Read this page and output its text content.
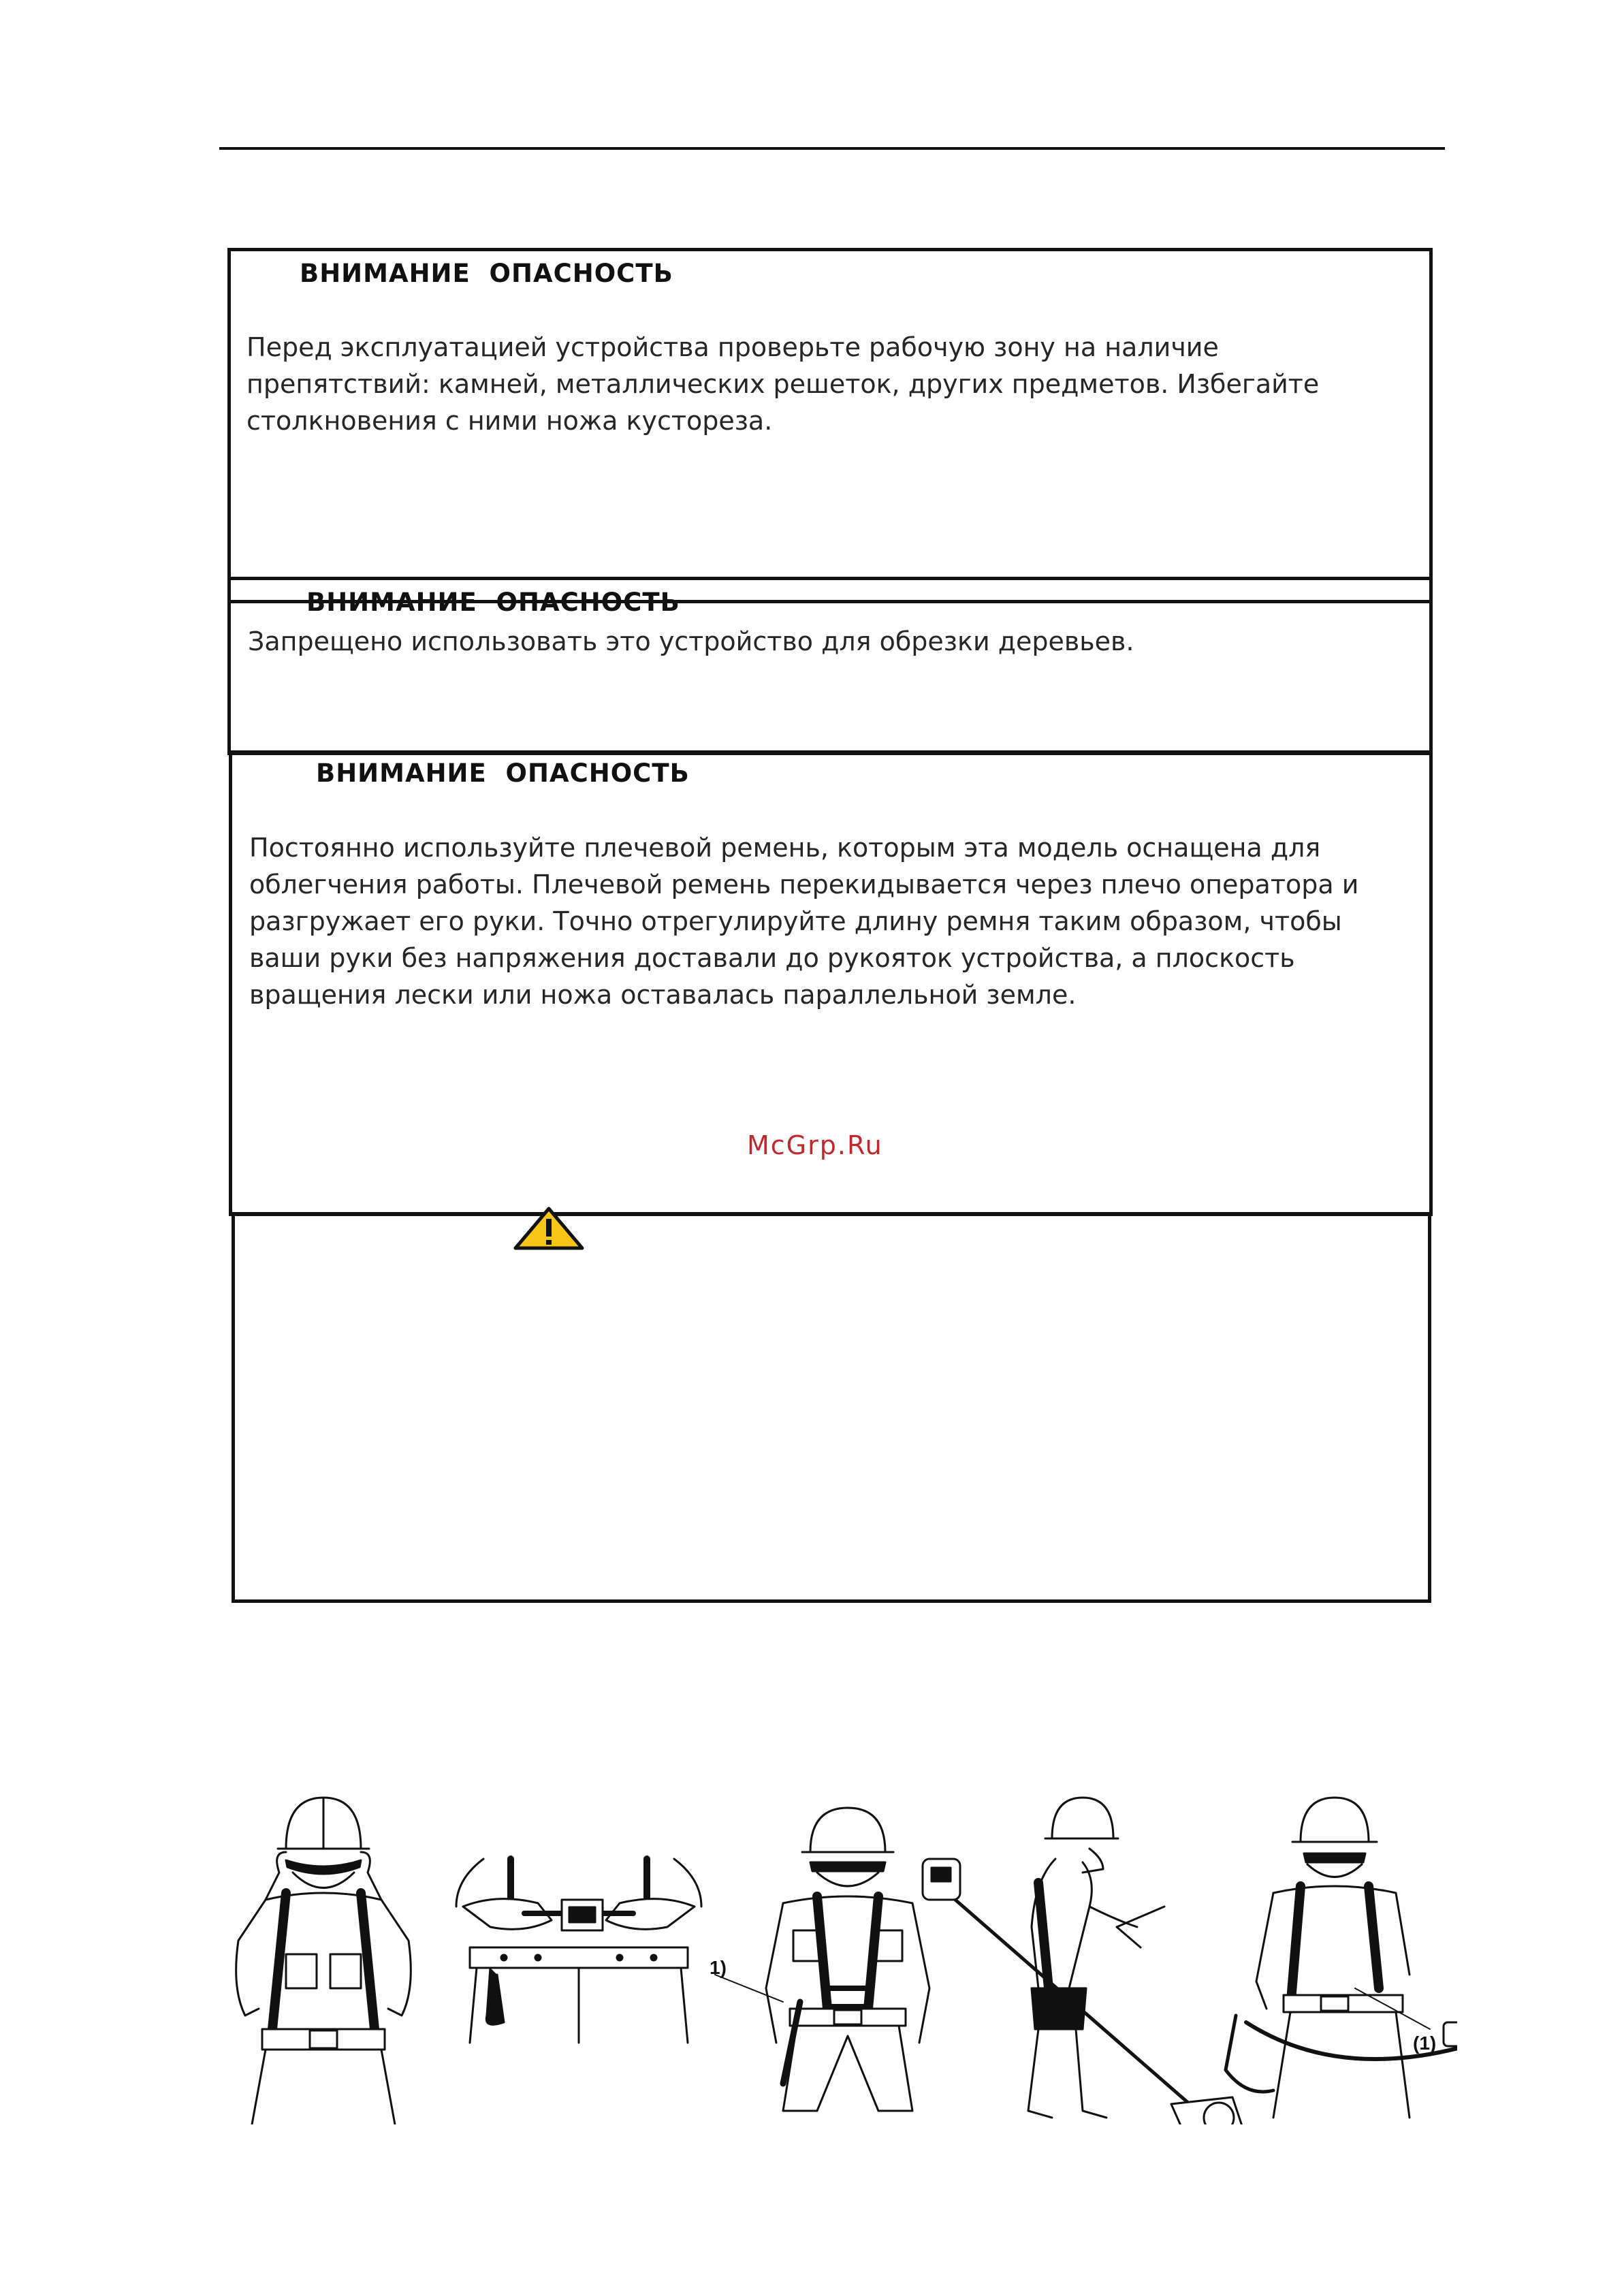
ВНИМАНИЕ  ОПАСНОСТЬ
Перед эксплуатацией устройства проверьте рабочую зону на наличие
препятствий: камней, металлических решеток, других предметов. Избегайте
столкновения с ними ножа кустореза.
ВНИМАНИЕ  ОПАСНОСТЬ
Запрещено использовать это устройство для обрезки деревьев.
ВНИМАНИЕ  ОПАСНОСТЬ
Постоянно используйте плечевой ремень, которым эта модель оснащена для
облегчения работы. Плечевой ремень перекидывается через плечо оператора и
разгружает его руки. Точно отрегулируйте длину ремня таким образом, чтобы
ваши руки без напряжения доставали до рукояток устройства, а плоскость
вращения лески или ножа оставалась параллельной земле.
McGrp.Ru
1)
(1)
